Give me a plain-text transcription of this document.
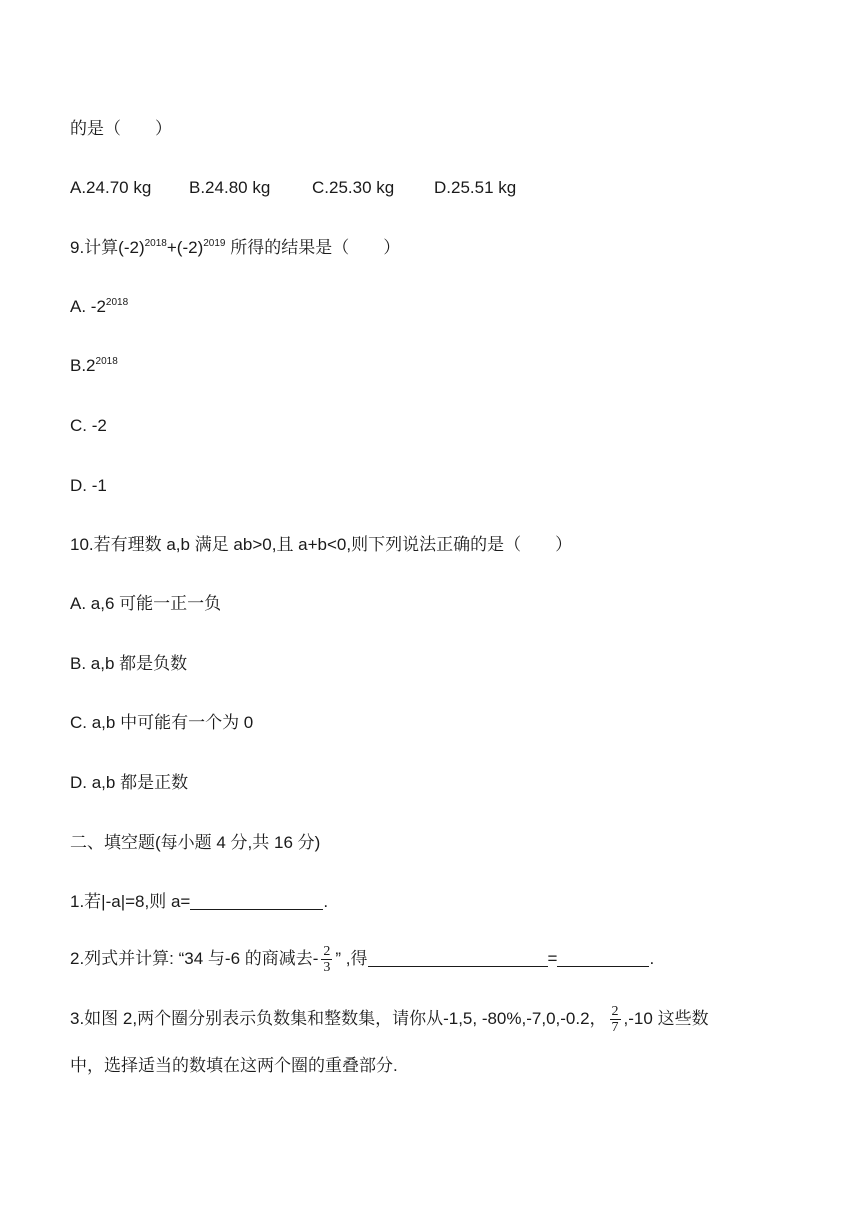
的是（　　）
A.24.70 kg B.24.80 kg C.25.30 kg D.25.51 kg
9.计算$(-2)^{2018}+(-2)^{2019}$ 所得的结果是（　　）
A. $-2^{2018}$
$B.2^{2018}$
C. -2
D. -1
10.若有理数 a,b 满足 ab>0,且 a+b<0,则下列说法正确的是（　　）
A. a,6 可能一正一负
B. a,b 都是负数
C. a,b 中可能有一个为 0
D. a,b 都是正数
二、填空题(每小题 4 分,共 16 分)
1.若|-a|=8,则 a=	.
2.列式并计算: “34 与-6 的商减去- $\frac{2}{3}$ ” ,得	=	.
3.如图 2,两个圈分别表示负数集和整数集，请你从-1,5, -80%,-7,0,-0.2， $\frac{2}{7} ,-10$ 这些数
中，选择适当的数填在这两个圈的重叠部分.
